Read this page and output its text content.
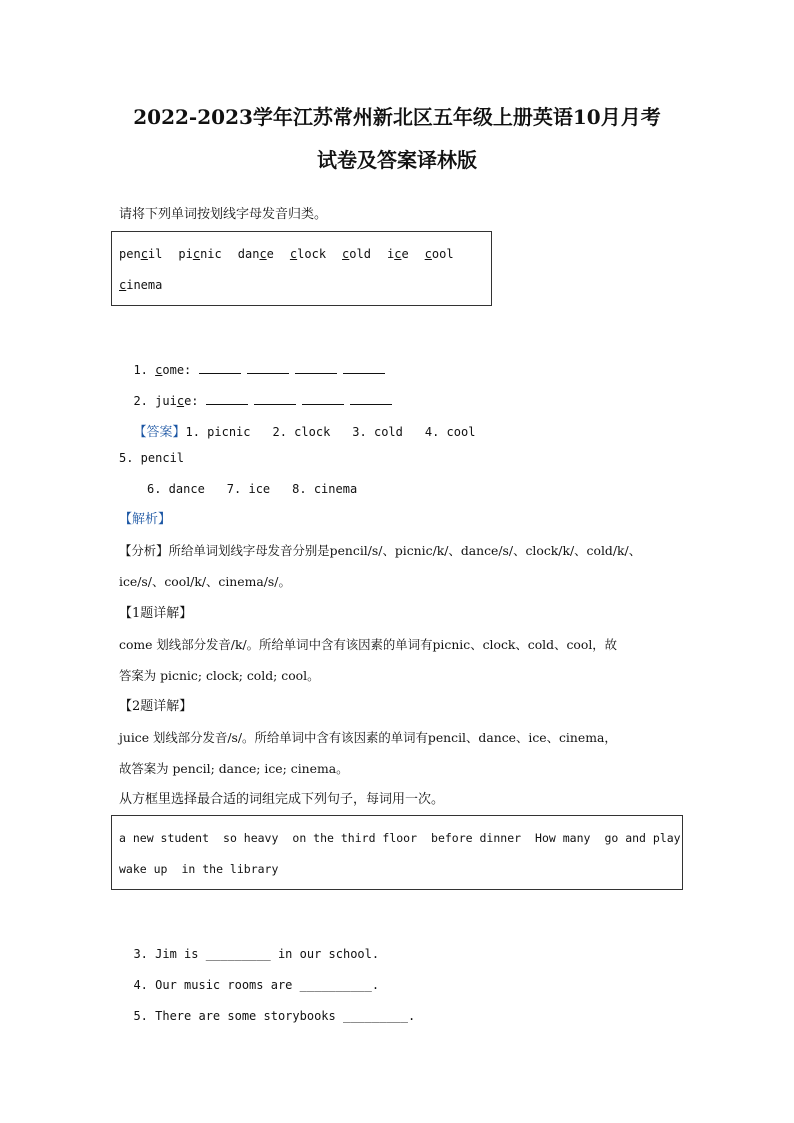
2022-2023学年江苏常州新北区五年级上册英语10月月考
试卷及答案译林版
请将下列单词按划线字母发音归类。
pencil picnic dance clock cold ice cool
cinema

1. come:

2. juice:

【答案】1. picnic 2. clock 3. cold 4. cool

5. pencil
6. dance 7. ice 8. cinema
【解析】
【分析】所给单词划线字母发音分别是pencil/s/、picnic/k/、dance/s/、clock/k/、cold/k/、
ice/s/、cool/k/、cinema/s/。
【1题详解】
come 划线部分发音/k/。所给单词中含有该因素的单词有picnic、clock、cold、cool，故
答案为 picnic; clock; cold; cool。
【2题详解】
juice 划线部分发音/s/。所给单词中含有该因素的单词有pencil、dance、ice、cinema，
故答案为 pencil; dance; ice; cinema。
从方框里选择最合适的词组完成下列句子，每词用一次。
a new student so heavy on the third floor before dinner How many go and play
wake up in the library

3. Jim is _________ in our school.

4. Our music rooms are __________.

5. There are some storybooks _________.
